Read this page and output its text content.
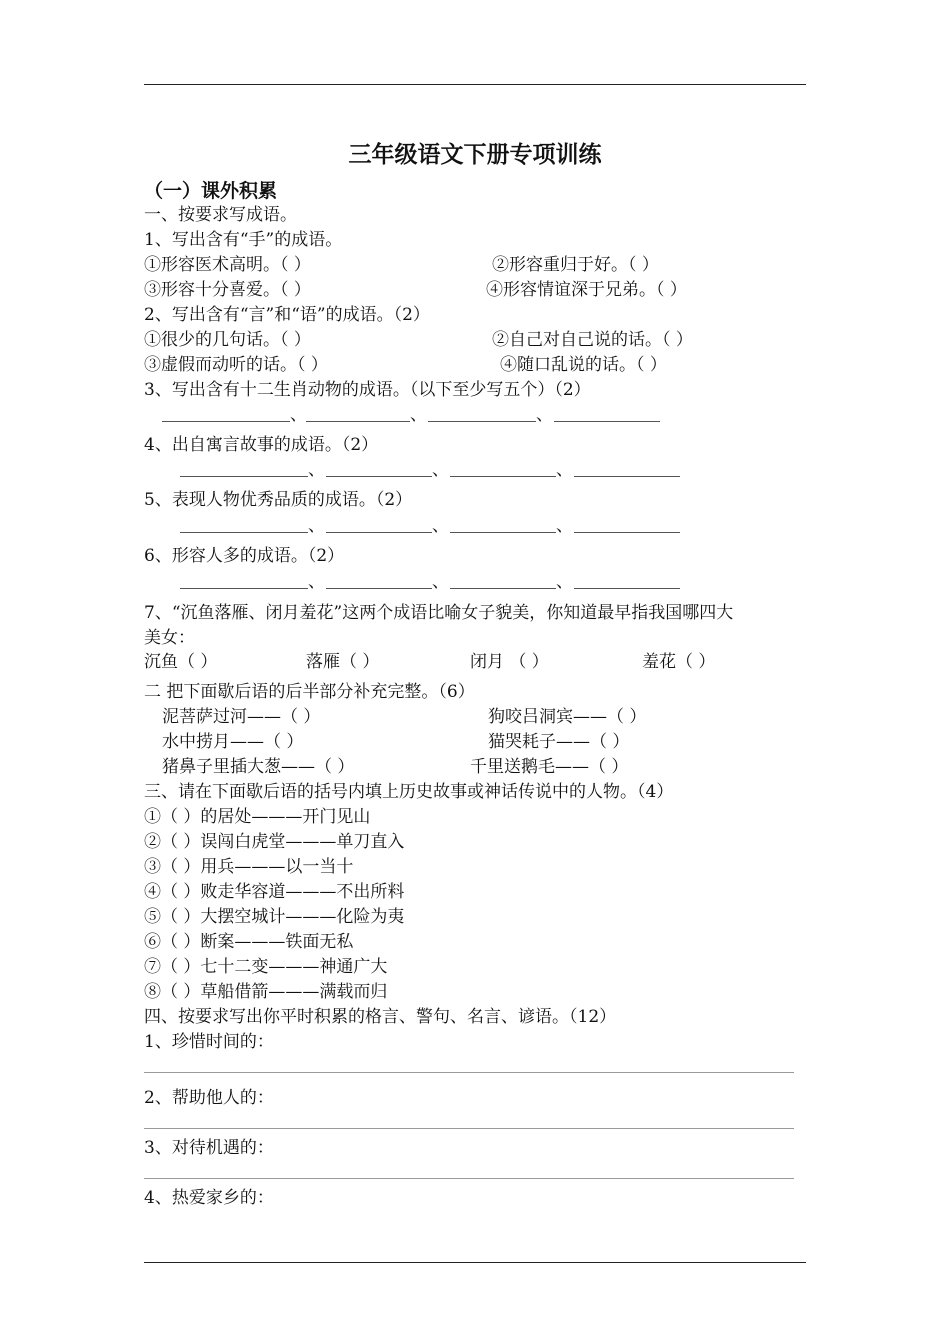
三年级语文下册专项训练
（一）课外积累
一、按要求写成语。
1、写出含有“手”的成语。
①形容医术高明。（ ）	②形容重归于好。（ ）
③形容十分喜爱。（ ）	④形容情谊深于兄弟。（ ）
2、写出含有“言”和“语”的成语。（2）
①很少的几句话。（ ）	②自己对自己说的话。（ ）
③虚假而动听的话。（ ）	④随口乱说的话。（ ）
3、写出含有十二生肖动物的成语。（以下至少写五个）（2）
、	、	、
4、出自寓言故事的成语。（2）
、	、	、
5、表现人物优秀品质的成语。（2）
、	、	、
6、形容人多的成语。（2）
、	、	、
7、“沉鱼落雁、闭月羞花”这两个成语比喻女子貌美，你知道最早指我国哪四大
美女：
沉鱼（ ）	落雁（ ）	闭月 （ ）	羞花（ ）
二 把下面歇后语的后半部分补充完整。（6）
泥菩萨过河——（ ）	狗咬吕洞宾——（ ）
水中捞月——（ ）	猫哭耗子——（ ）
猪鼻子里插大葱——（ ）	千里送鹅毛——（ ）
三、请在下面歇后语的括号内填上历史故事或神话传说中的人物。（4）
①（ ）的居处———开门见山
②（ ）误闯白虎堂———单刀直入
③（ ）用兵———以一当十
④（ ）败走华容道———不出所料
⑤（ ）大摆空城计———化险为夷
⑥（ ）断案———铁面无私
⑦（ ）七十二变———神通广大
⑧（ ）草船借箭———满载而归
四、按要求写出你平时积累的格言、警句、名言、谚语。（12）
1、珍惜时间的：
2、帮助他人的：
3、对待机遇的：
4、热爱家乡的：
